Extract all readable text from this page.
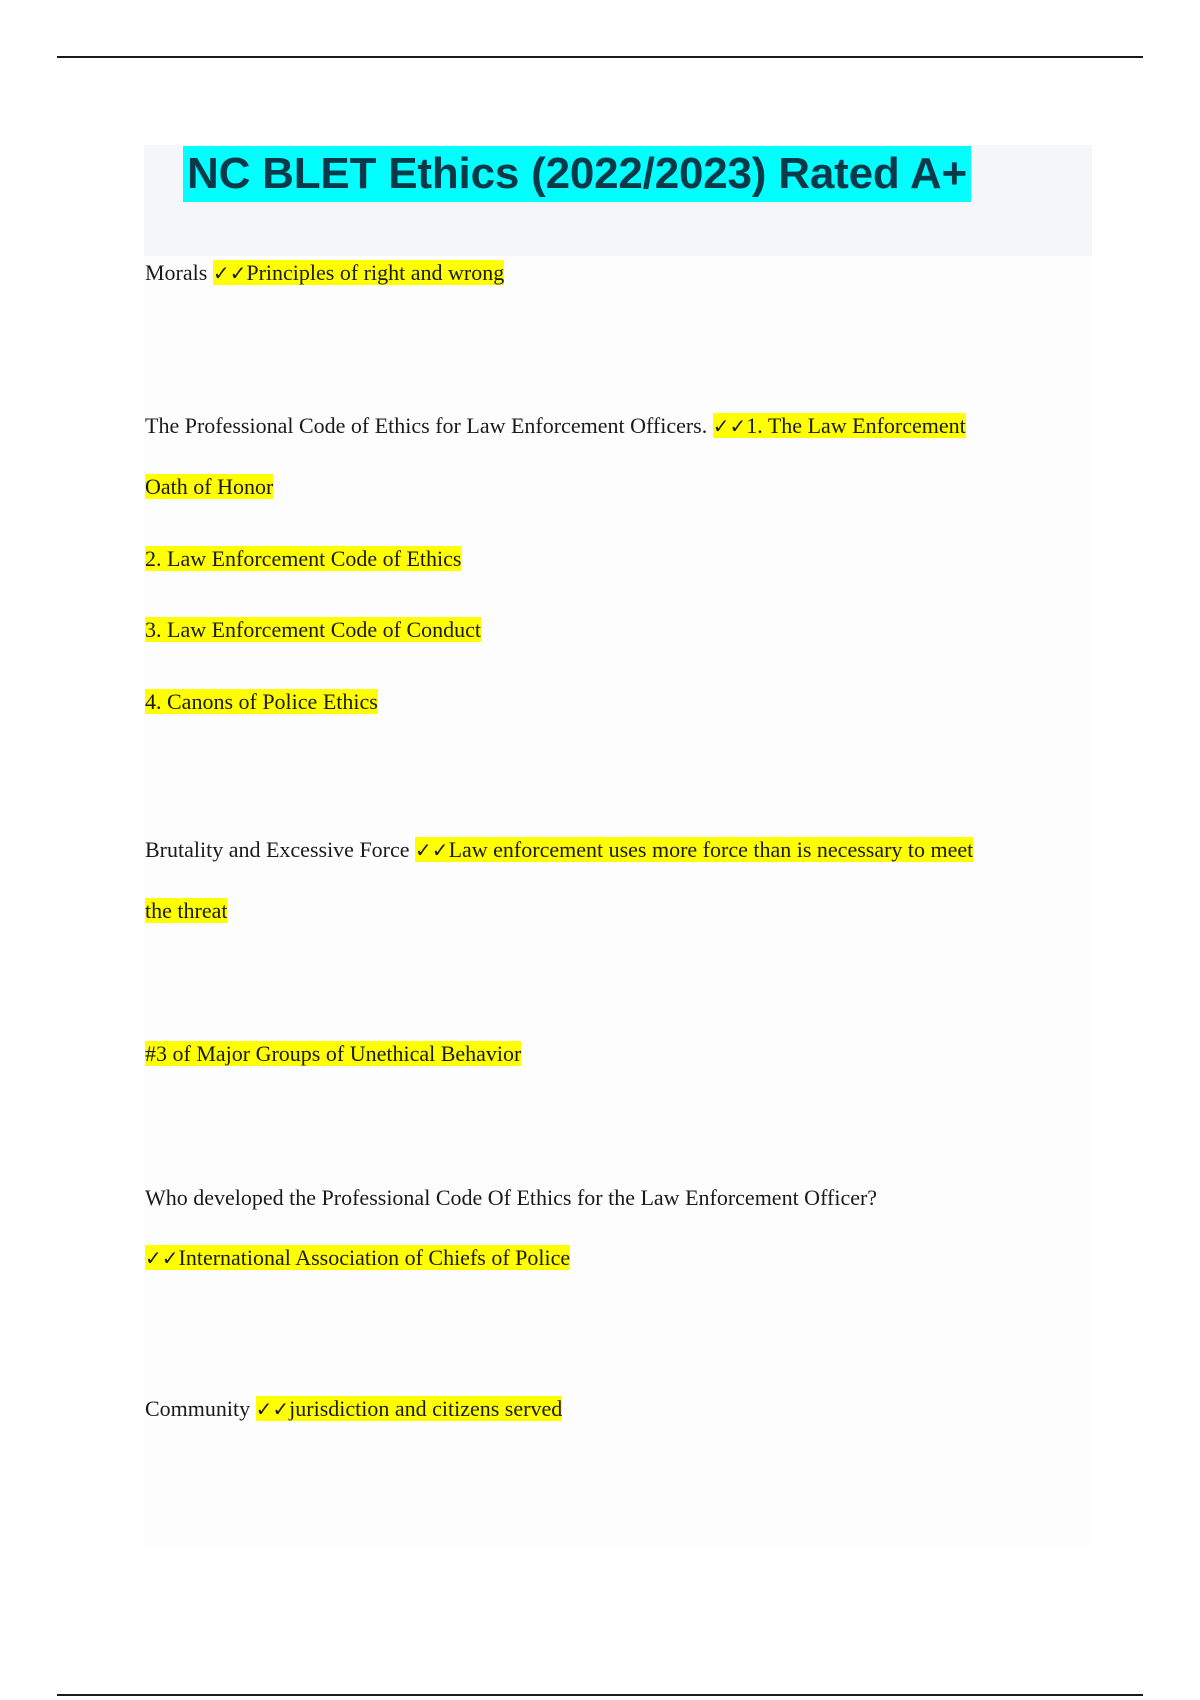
NC BLET Ethics (2022/2023) Rated A+
Morals ✓✓Principles of right and wrong
The Professional Code of Ethics for Law Enforcement Officers. ✓✓1. The Law Enforcement
Oath of Honor
2. Law Enforcement Code of Ethics
3. Law Enforcement Code of Conduct
4. Canons of Police Ethics
Brutality and Excessive Force ✓✓Law enforcement uses more force than is necessary to meet
the threat
#3 of Major Groups of Unethical Behavior
Who developed the Professional Code Of Ethics for the Law Enforcement Officer?
✓✓International Association of Chiefs of Police
Community ✓✓jurisdiction and citizens served
